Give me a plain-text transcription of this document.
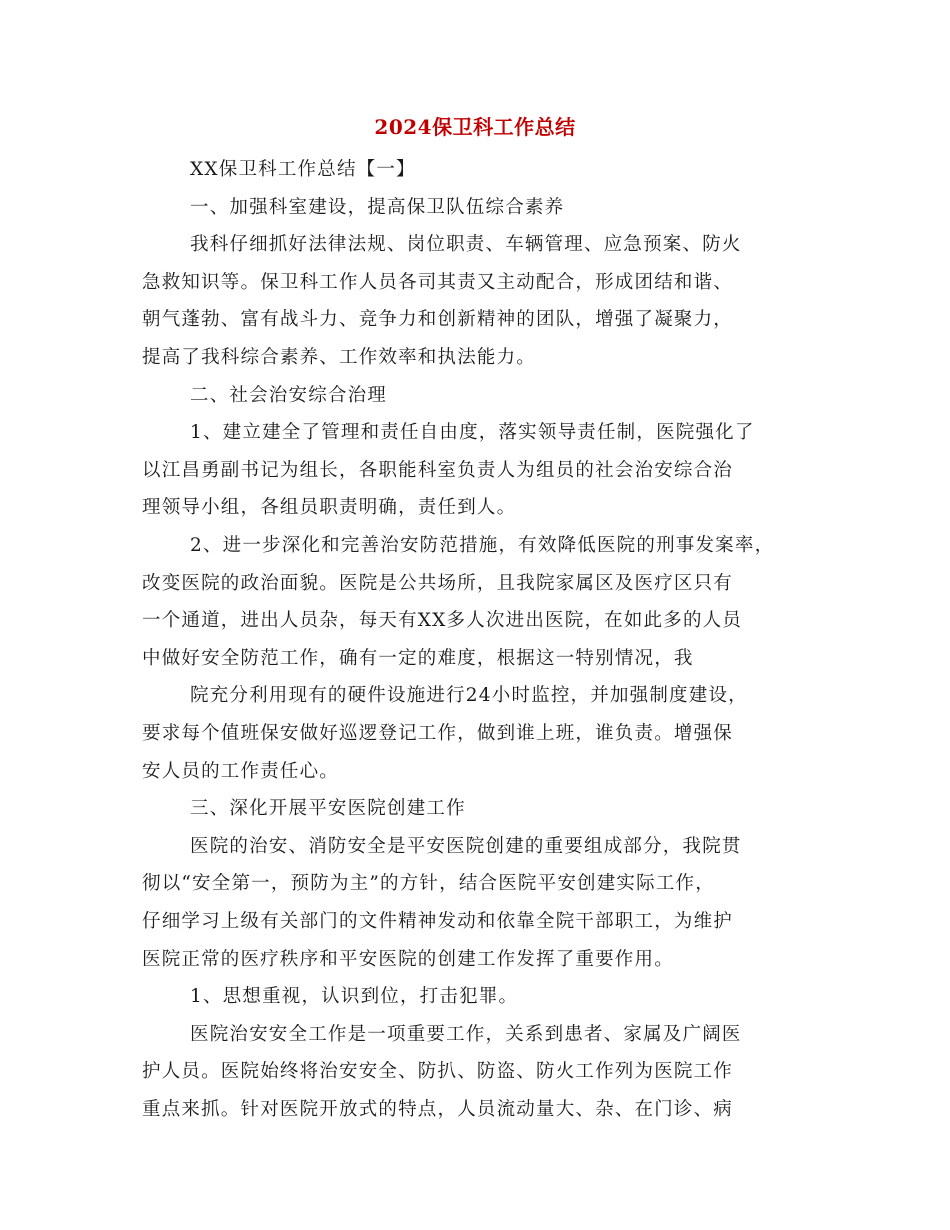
2024保卫科工作总结
XX保卫科工作总结【一】
一、加强科室建设，提高保卫队伍综合素养
我科仔细抓好法律法规、岗位职责、车辆管理、应急预案、防火
急救知识等。保卫科工作人员各司其责又主动配合，形成团结和谐、
朝气蓬勃、富有战斗力、竞争力和创新精神的团队，增强了凝聚力，
提高了我科综合素养、工作效率和执法能力。
二、社会治安综合治理
1、建立建全了管理和责任自由度，落实领导责任制，医院强化了
以江昌勇副书记为组长，各职能科室负责人为组员的社会治安综合治
理领导小组，各组员职责明确，责任到人。
2、进一步深化和完善治安防范措施，有效降低医院的刑事发案率，
改变医院的政治面貌。医院是公共场所，且我院家属区及医疗区只有
一个通道，进出人员杂，每天有XX多人次进出医院，在如此多的人员
中做好安全防范工作，确有一定的难度，根据这一特别情况，我
院充分利用现有的硬件设施进行24小时监控，并加强制度建设，
要求每个值班保安做好巡逻登记工作，做到谁上班，谁负责。增强保
安人员的工作责任心。
三、深化开展平安医院创建工作
医院的治安、消防安全是平安医院创建的重要组成部分，我院贯
彻以“安全第一，预防为主”的方针，结合医院平安创建实际工作，
仔细学习上级有关部门的文件精神发动和依靠全院干部职工，为维护
医院正常的医疗秩序和平安医院的创建工作发挥了重要作用。
1、思想重视，认识到位，打击犯罪。
医院治安安全工作是一项重要工作，关系到患者、家属及广阔医
护人员。医院始终将治安安全、防扒、防盗、防火工作列为医院工作
重点来抓。针对医院开放式的特点，人员流动量大、杂、在门诊、病
